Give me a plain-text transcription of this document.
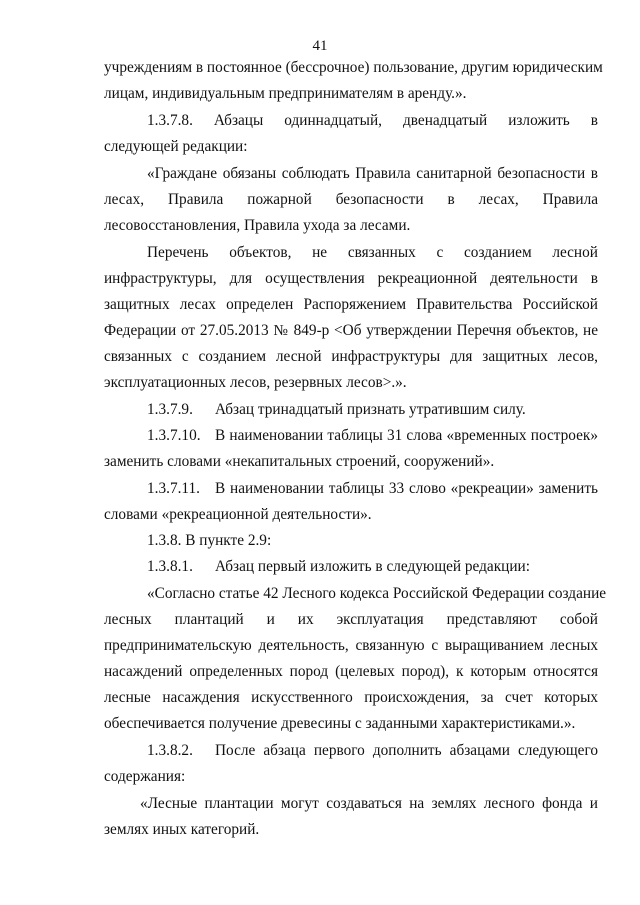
41
учреждениям в постоянное (бессрочное) пользование, другим юридическим
лицам, индивидуальным предпринимателям в аренду.».
1.3.7.8. Абзацы одиннадцатый, двенадцатый изложить в
следующей редакции:
«Граждане обязаны соблюдать Правила санитарной безопасности в
лесах, Правила пожарной безопасности в лесах, Правила
лесовосстановления, Правила ухода за лесами.
Перечень объектов, не связанных с созданием лесной
инфраструктуры, для осуществления рекреационной деятельности в
защитных лесах определен Распоряжением Правительства Российской
Федерации от 27.05.2013 № 849-р <Об утверждении Перечня объектов, не
связанных с созданием лесной инфраструктуры для защитных лесов,
эксплуатационных лесов, резервных лесов>.».
1.3.7.9. Абзац тринадцатый признать утратившим силу.
1.3.7.10. В наименовании таблицы 31 слова «временных построек»
заменить словами «некапитальных строений, сооружений».
1.3.7.11. В наименовании таблицы 33 слово «рекреации» заменить
словами «рекреационной деятельности».
1.3.8. В пункте 2.9:
1.3.8.1. Абзац первый изложить в следующей редакции:
«Согласно статье 42 Лесного кодекса Российской Федерации создание
лесных плантаций и их эксплуатация представляют собой
предпринимательскую деятельность, связанную с выращиванием лесных
насаждений определенных пород (целевых пород), к которым относятся
лесные насаждения искусственного происхождения, за счет которых
обеспечивается получение древесины с заданными характеристиками.».
1.3.8.2.	После абзаца первого дополнить абзацами следующего
содержания:
«Лесные плантации могут создаваться на землях лесного фонда и
землях иных категорий.
